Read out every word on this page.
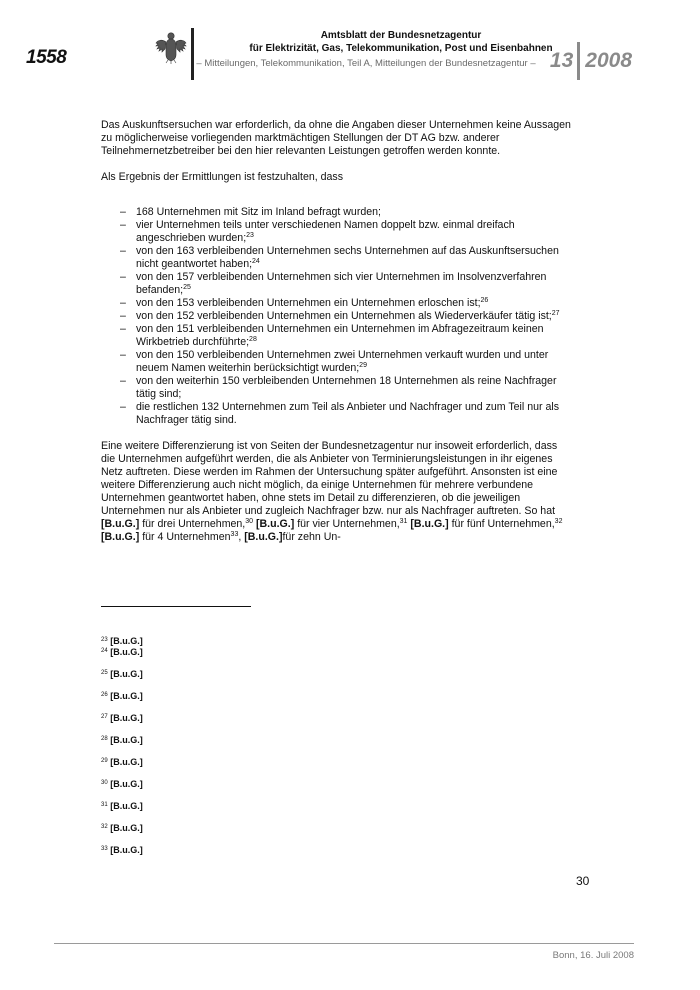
1558
Amtsblatt der Bundesnetzagentur
für Elektrizität, Gas, Telekommunikation, Post und Eisenbahnen
– Mitteilungen, Telekommunikation, Teil A, Mitteilungen der Bundesnetzagentur – 13 2008

Das Auskunftsersuchen war erforderlich, da ohne die Angaben dieser Unternehmen keine Aussagen zu möglicherweise vorliegenden marktmächtigen Stellungen der DT AG bzw. anderer Teilnehmernetzbetreiber bei den hier relevanten Leistungen getroffen werden konnte.

Als Ergebnis der Ermittlungen ist festzuhalten, dass

– 168 Unternehmen mit Sitz im Inland befragt wurden;
– vier Unternehmen teils unter verschiedenen Namen doppelt bzw. einmal dreifach angeschrieben wurden;$^{23}$
– von den 163 verbleibenden Unternehmen sechs Unternehmen auf das Auskunftsersuchen nicht geantwortet haben;$^{24}$
– von den 157 verbleibenden Unternehmen sich vier Unternehmen im Insolvenzverfahren befanden;$^{25}$
– von den 153 verbleibenden Unternehmen ein Unternehmen erloschen ist;$^{26}$
– von den 152 verbleibenden Unternehmen ein Unternehmen als Wiederverkäufer tätig ist;$^{27}$
– von den 151 verbleibenden Unternehmen ein Unternehmen im Abfragezeitraum keinen Wirkbetrieb durchführte;$^{28}$
– von den 150 verbleibenden Unternehmen zwei Unternehmen verkauft wurden und unter neuem Namen weiterhin berücksichtigt wurden;$^{29}$
– von den weiterhin 150 verbleibenden Unternehmen 18 Unternehmen als reine Nachfrager tätig sind;
– die restlichen 132 Unternehmen zum Teil als Anbieter und Nachfrager und zum Teil nur als Nachfrager tätig sind.

Eine weitere Differenzierung ist von Seiten der Bundesnetzagentur nur insoweit erforderlich, dass die Unternehmen aufgeführt werden, die als Anbieter von Terminierungsleistungen in ihr eigenes Netz auftreten. Diese werden im Rahmen der Untersuchung später aufgeführt. Ansonsten ist eine weitere Differenzierung auch nicht möglich, da einige Unternehmen für mehrere verbundene Unternehmen geantwortet haben, ohne stets im Detail zu differenzieren, ob die jeweiligen Unternehmen nur als Anbieter und zugleich Nachfrager bzw. nur als Nachfrager auftreten. So hat [B.u.G.] für drei Unternehmen,$^{30}$ [B.u.G.] für vier Unternehmen,$^{31}$ [B.u.G.] für fünf Unternehmen,$^{32}$ [B.u.G.] für 4 Unternehmen$^{33}$, [B.u.G.]für zehn Un-

$^{23}$ [B.u.G.]
$^{24}$ [B.u.G.]
$^{25}$ [B.u.G.]
$^{26}$ [B.u.G.]
$^{27}$ [B.u.G.]
$^{28}$ [B.u.G.]
$^{29}$ [B.u.G.]
$^{30}$ [B.u.G.]
$^{31}$ [B.u.G.]
$^{32}$ [B.u.G.]
$^{33}$ [B.u.G.]
30
Bonn, 16. Juli 2008
